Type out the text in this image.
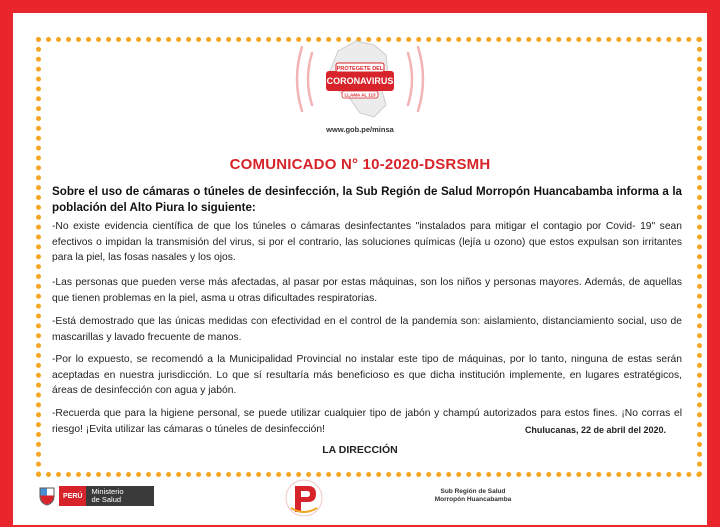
PROTEGETE DEL
CORONAVIRUS
LLAMA AL 113
www.gob.pe/minsa
COMUNICADO N° 10-2020-DSRSMH
Sobre el uso de cámaras o túneles de desinfección, la Sub Región de Salud Morropón Huancabamba informa a la población del Alto Piura lo siguiente:
-No existe evidencia científica de que los túneles o cámaras desinfectantes "instalados para mitigar el contagio por Covid- 19" sean efectivos o impidan la transmisión del virus, si por el contrario, las soluciones químicas (lejía u ozono) que estos expulsan son irritantes para la piel, las fosas nasales y los ojos.
-Las personas que pueden verse más afectadas, al pasar por estas máquinas, son los niños y personas mayores. Además, de aquellas que tienen problemas en la piel, asma u otras dificultades respiratorias.
-Está demostrado que las únicas medidas con efectividad en el control de la pandemia son: aislamiento, distanciamiento social, uso de mascarillas y lavado frecuente de manos.
-Por lo expuesto, se recomendó a la Municipalidad Provincial no instalar este tipo de máquinas, por lo tanto, ninguna de estas serán aceptadas en nuestra jurisdicción. Lo que sí resultaría más beneficioso es que dicha institución implemente, en lugares estratégicos, áreas de desinfección con agua y jabón.
-Recuerda que para la higiene personal, se puede utilizar cualquier tipo de jabón y champú autorizados para estos fines. ¡No corras el riesgo! ¡Evita utilizar las cámaras o túneles de desinfección!	Chulucanas, 22 de abril del 2020.
LA DIRECCIÓN
PERÚ	Ministerio
de Salud
Sub Región de Salud
Morropón Huancabamba
